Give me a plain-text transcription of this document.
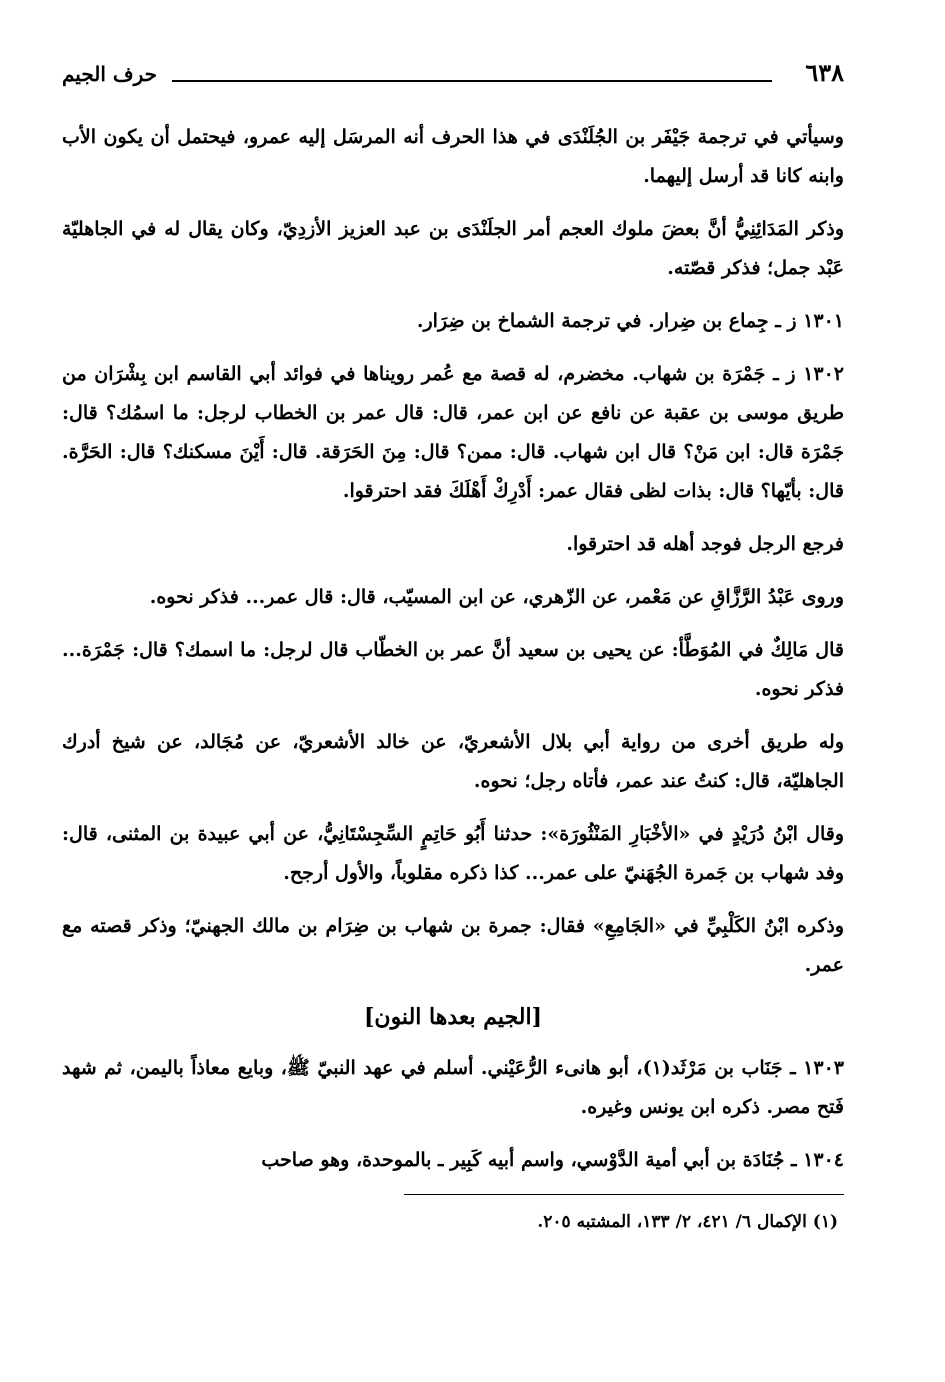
٦٣٨
حرف الجيم

وسيأتي في ترجمة جَيْفَر بن الجُلَنْدَى في هذا الحرف أنه المرسَل إليه عمرو، فيحتمل أن يكون الأب وابنه كانا قد أرسل إليهما.

وذكر المَدَائِنِيُّ أنَّ بعضَ ملوك العجم أمر الجلَنْدَى بن عبد العزيز الأزدِيّ، وكان يقال له في الجاهليّة عَبْد جمل؛ فذكر قصّته.

١٣٠١ ز ـ جِماع بن ضِرار. في ترجمة الشماخ بن ضِرَار.

١٣٠٢ ز ـ جَمْرَة بن شهاب. مخضرم، له قصة مع عُمر رويناها في فوائد أبي القاسم ابن بِشْرَان من طريق موسى بن عقبة عن نافع عن ابن عمر، قال: قال عمر بن الخطاب لرجل: ما اسمُك؟ قال: جَمْرَة قال: ابن مَنْ؟ قال ابن شهاب. قال: ممن؟ قال: مِنَ الحَرَقة. قال: أَيْنَ مسكنك؟ قال: الحَرَّة. قال: بأيّها؟ قال: بذات لظى فقال عمر: أَدْرِكْ أَهْلَكَ فقد احترقوا.

فرجع الرجل فوجد أهله قد احترقوا.

وروى عَبْدُ الرَّزَّاقِ عن مَعْمر، عن الزّهري، عن ابن المسيّب، قال: قال عمر... فذكر نحوه.

قال مَالِكٌ في المُوَطَّأ: عن يحيى بن سعيد أنَّ عمر بن الخطّاب قال لرجل: ما اسمك؟ قال: جَمْرَة... فذكر نحوه.

وله طريق أخرى من رواية أبي بلال الأشعريّ، عن خالد الأشعريّ، عن مُجَالد، عن شيخ أدرك الجاهليّة، قال: كنتُ عند عمر، فأتاه رجل؛ نحوه.

وقال ابْنُ دُرَيْدٍ في «الأخْبَارِ المَنْثُورَة»: حدثنا أَبُو حَاتِمٍ السِّجِسْتَانِيُّ، عن أبي عبيدة بن المثنى، قال: وفد شهاب بن جَمرة الجُهَنيّ على عمر... كذا ذكره مقلوباً، والأول أرجح.

وذكره ابْنُ الكَلْبِيِّ في «الجَامِعِ» فقال: جمرة بن شهاب بن ضِرَام بن مالك الجهنيّ؛ وذكر قصته مع عمر.

[الجيم بعدها النون]

١٣٠٣ ـ جَنَاب بن مَرْثَد(١)، أبو هانىء الرُّعَيْني. أسلم في عهد النبيّ ﷺ، وبايع معاذاً باليمن، ثم شهد فَتح مصر. ذكره ابن يونس وغيره.

١٣٠٤ ـ جُنَادَة بن أبي أمية الدَّوْسي، واسم أبيه كَبِير ـ بالموحدة، وهو صاحب

(١) الإكمال ٦/ ٤٢١، ٢/ ١٣٣، المشتبه ٢٠٥.
